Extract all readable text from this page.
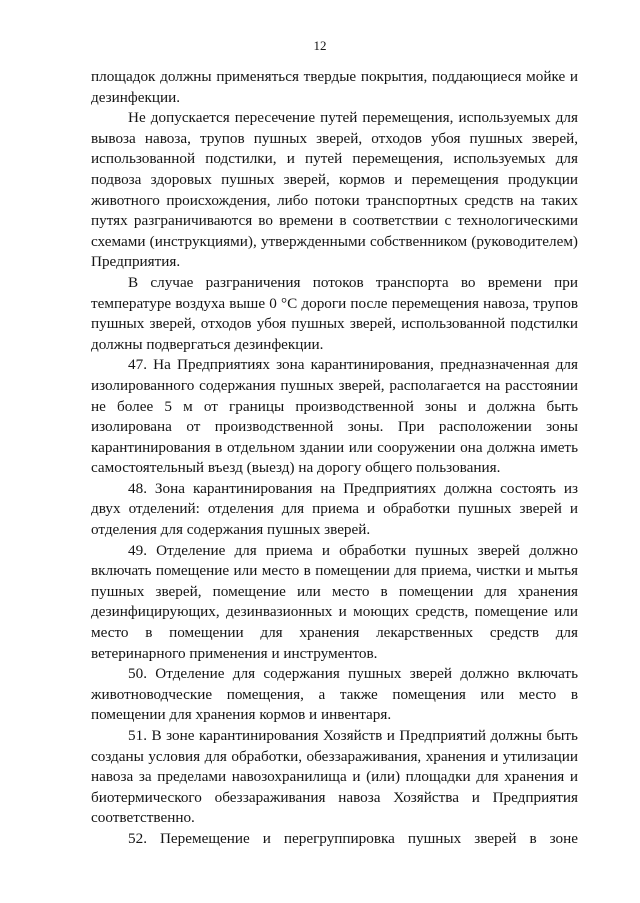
12

площадок должны применяться твердые покрытия, поддающиеся мойке и дезинфекции.

Не допускается пересечение путей перемещения, используемых для вывоза навоза, трупов пушных зверей, отходов убоя пушных зверей, использованной подстилки, и путей перемещения, используемых для подвоза здоровых пушных зверей, кормов и перемещения продукции животного происхождения, либо потоки транспортных средств на таких путях разграничиваются во времени в соответствии с технологическими схемами (инструкциями), утвержденными собственником (руководителем) Предприятия.

В случае разграничения потоков транспорта во времени при температуре воздуха выше 0 °С дороги после перемещения навоза, трупов пушных зверей, отходов убоя пушных зверей, использованной подстилки должны подвергаться дезинфекции.

47. На Предприятиях зона карантинирования, предназначенная для изолированного содержания пушных зверей, располагается на расстоянии не более 5 м от границы производственной зоны и должна быть изолирована от производственной зоны. При расположении зоны карантинирования в отдельном здании или сооружении она должна иметь самостоятельный въезд (выезд) на дорогу общего пользования.

48. Зона карантинирования на Предприятиях должна состоять из двух отделений: отделения для приема и обработки пушных зверей и отделения для содержания пушных зверей.

49. Отделение для приема и обработки пушных зверей должно включать помещение или место в помещении для приема, чистки и мытья пушных зверей, помещение или место в помещении для хранения дезинфицирующих, дезинвазионных и моющих средств, помещение или место в помещении для хранения лекарственных средств для ветеринарного применения и инструментов.

50. Отделение для содержания пушных зверей должно включать животноводческие помещения, а также помещения или место в помещении для хранения кормов и инвентаря.

51. В зоне карантинирования Хозяйств и Предприятий должны быть созданы условия для обработки, обеззараживания, хранения и утилизации навоза за пределами навозохранилища и (или) площадки для хранения и биотермического обеззараживания навоза Хозяйства и Предприятия соответственно.

52. Перемещение и перегруппировка пушных зверей в зоне
